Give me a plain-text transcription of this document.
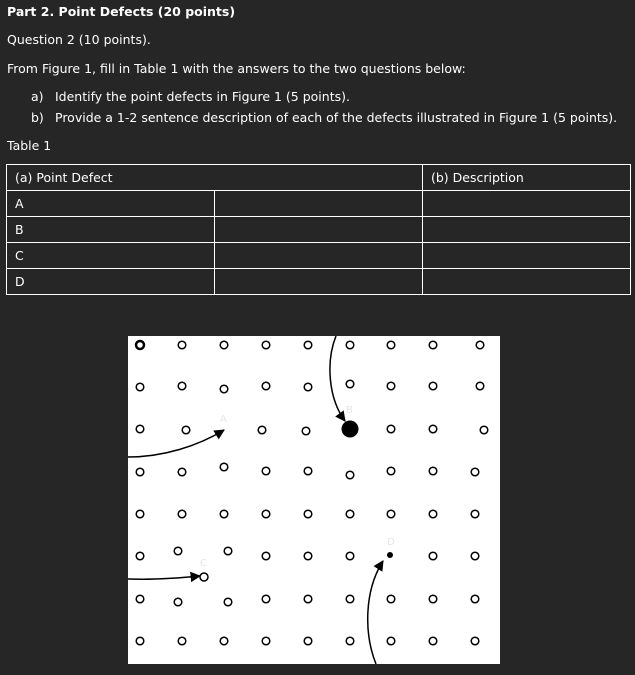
Part 2. Point Defects (20 points)
Question 2 (10 points).
From Figure 1, fill in Table 1 with the answers to the two questions below:
a) Identify the point defects in Figure 1 (5 points).
b) Provide a 1-2 sentence description of each of the defects illustrated in Figure 1 (5 points).
Table 1
(a) Point Defect		(b) Description
A		
B		
C		
D		
A
B
C
D
